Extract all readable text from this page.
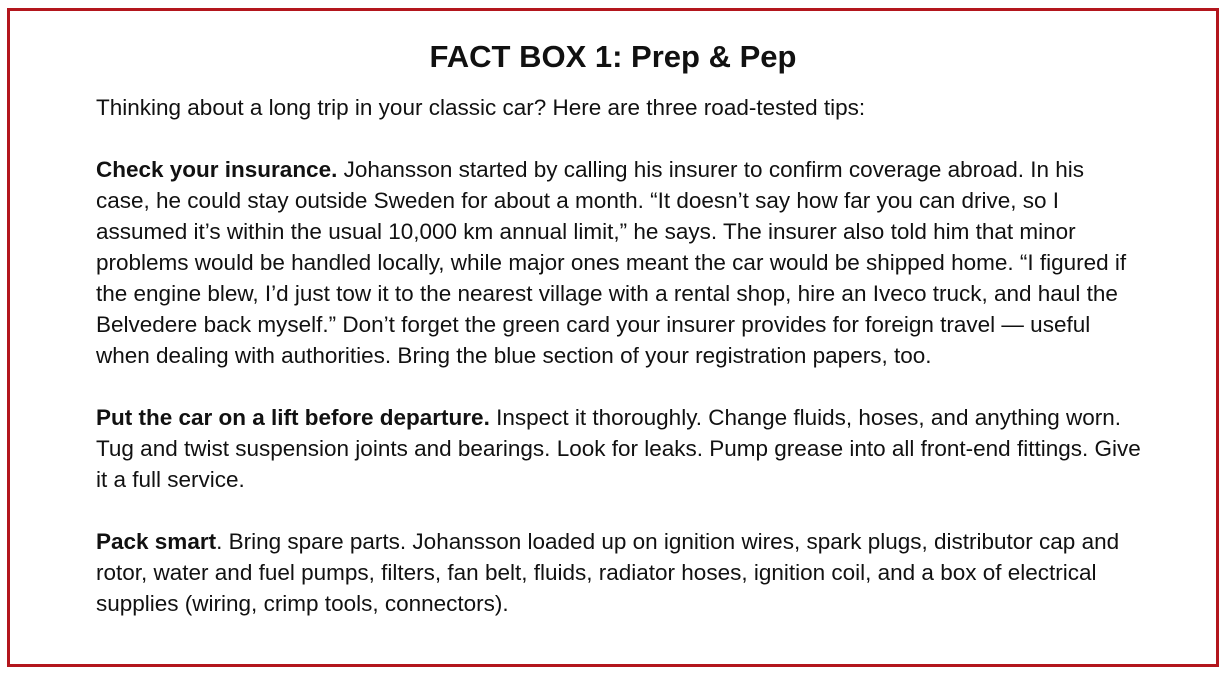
FACT BOX 1: Prep & Pep

Thinking about a long trip in your classic car? Here are three road-tested tips:

Check your insurance. Johansson started by calling his insurer to confirm coverage abroad. In his case, he could stay outside Sweden for about a month. “It doesn’t say how far you can drive, so I assumed it’s within the usual 10,000 km annual limit,” he says. The insurer also told him that minor problems would be handled locally, while major ones meant the car would be shipped home. “I figured if the engine blew, I’d just tow it to the nearest village with a rental shop, hire an Iveco truck, and haul the Belvedere back myself.” Don’t forget the green card your insurer provides for foreign travel — useful when dealing with authorities. Bring the blue section of your registration papers, too.

Put the car on a lift before departure. Inspect it thoroughly. Change fluids, hoses, and anything worn. Tug and twist suspension joints and bearings. Look for leaks. Pump grease into all front-end fittings. Give it a full service.

Pack smart. Bring spare parts. Johansson loaded up on ignition wires, spark plugs, distributor cap and rotor, water and fuel pumps, filters, fan belt, fluids, radiator hoses, ignition coil, and a box of electrical supplies (wiring, crimp tools, connectors).
